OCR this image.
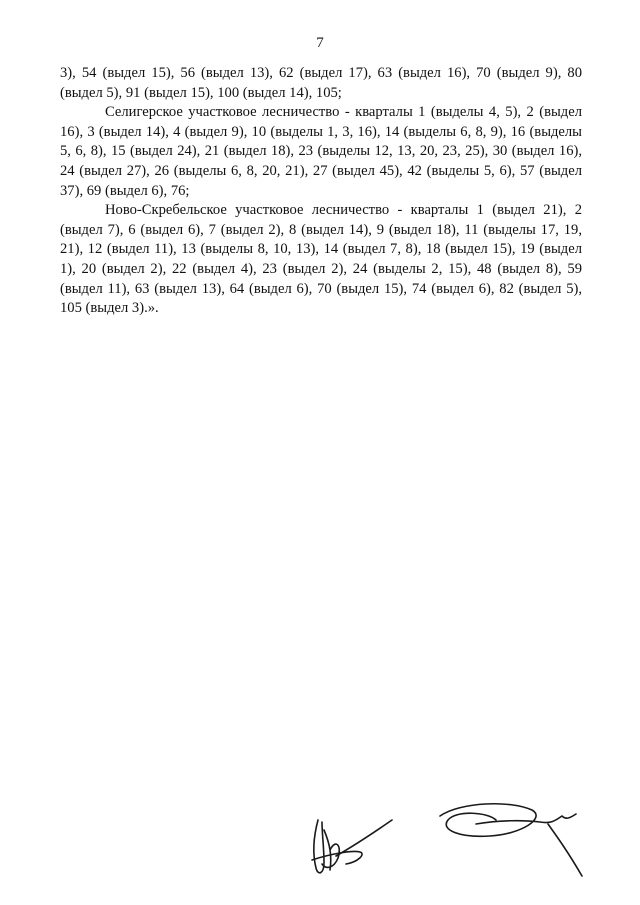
7

3), 54 (выдел 15), 56 (выдел 13), 62 (выдел 17), 63 (выдел 16), 70 (выдел 9), 80 (выдел 5), 91 (выдел 15), 100 (выдел 14), 105;

Селигерское участковое лесничество - кварталы 1 (выделы 4, 5), 2 (выдел 16), 3 (выдел 14), 4 (выдел 9), 10 (выделы 1, 3, 16), 14 (выделы 6, 8, 9), 16 (выделы 5, 6, 8), 15 (выдел 24), 21 (выдел 18), 23 (выделы 12, 13, 20, 23, 25), 30 (выдел 16), 24 (выдел 27), 26 (выделы 6, 8, 20, 21), 27 (выдел 45), 42 (выделы 5, 6), 57 (выдел 37), 69 (выдел 6), 76;

Ново-Скребельское участковое лесничество - кварталы 1 (выдел 21), 2 (выдел 7), 6 (выдел 6), 7 (выдел 2), 8 (выдел 14), 9 (выдел 18), 11 (выделы 17, 19, 21), 12 (выдел 11), 13 (выделы 8, 10, 13), 14 (выдел 7, 8), 18 (выдел 15), 19 (выдел 1), 20 (выдел 2), 22 (выдел 4), 23 (выдел 2), 24 (выделы 2, 15), 48 (выдел 8), 59 (выдел 11), 63 (выдел 13), 64 (выдел 6), 70 (выдел 15), 74 (выдел 6), 82 (выдел 5), 105 (выдел 3).».
